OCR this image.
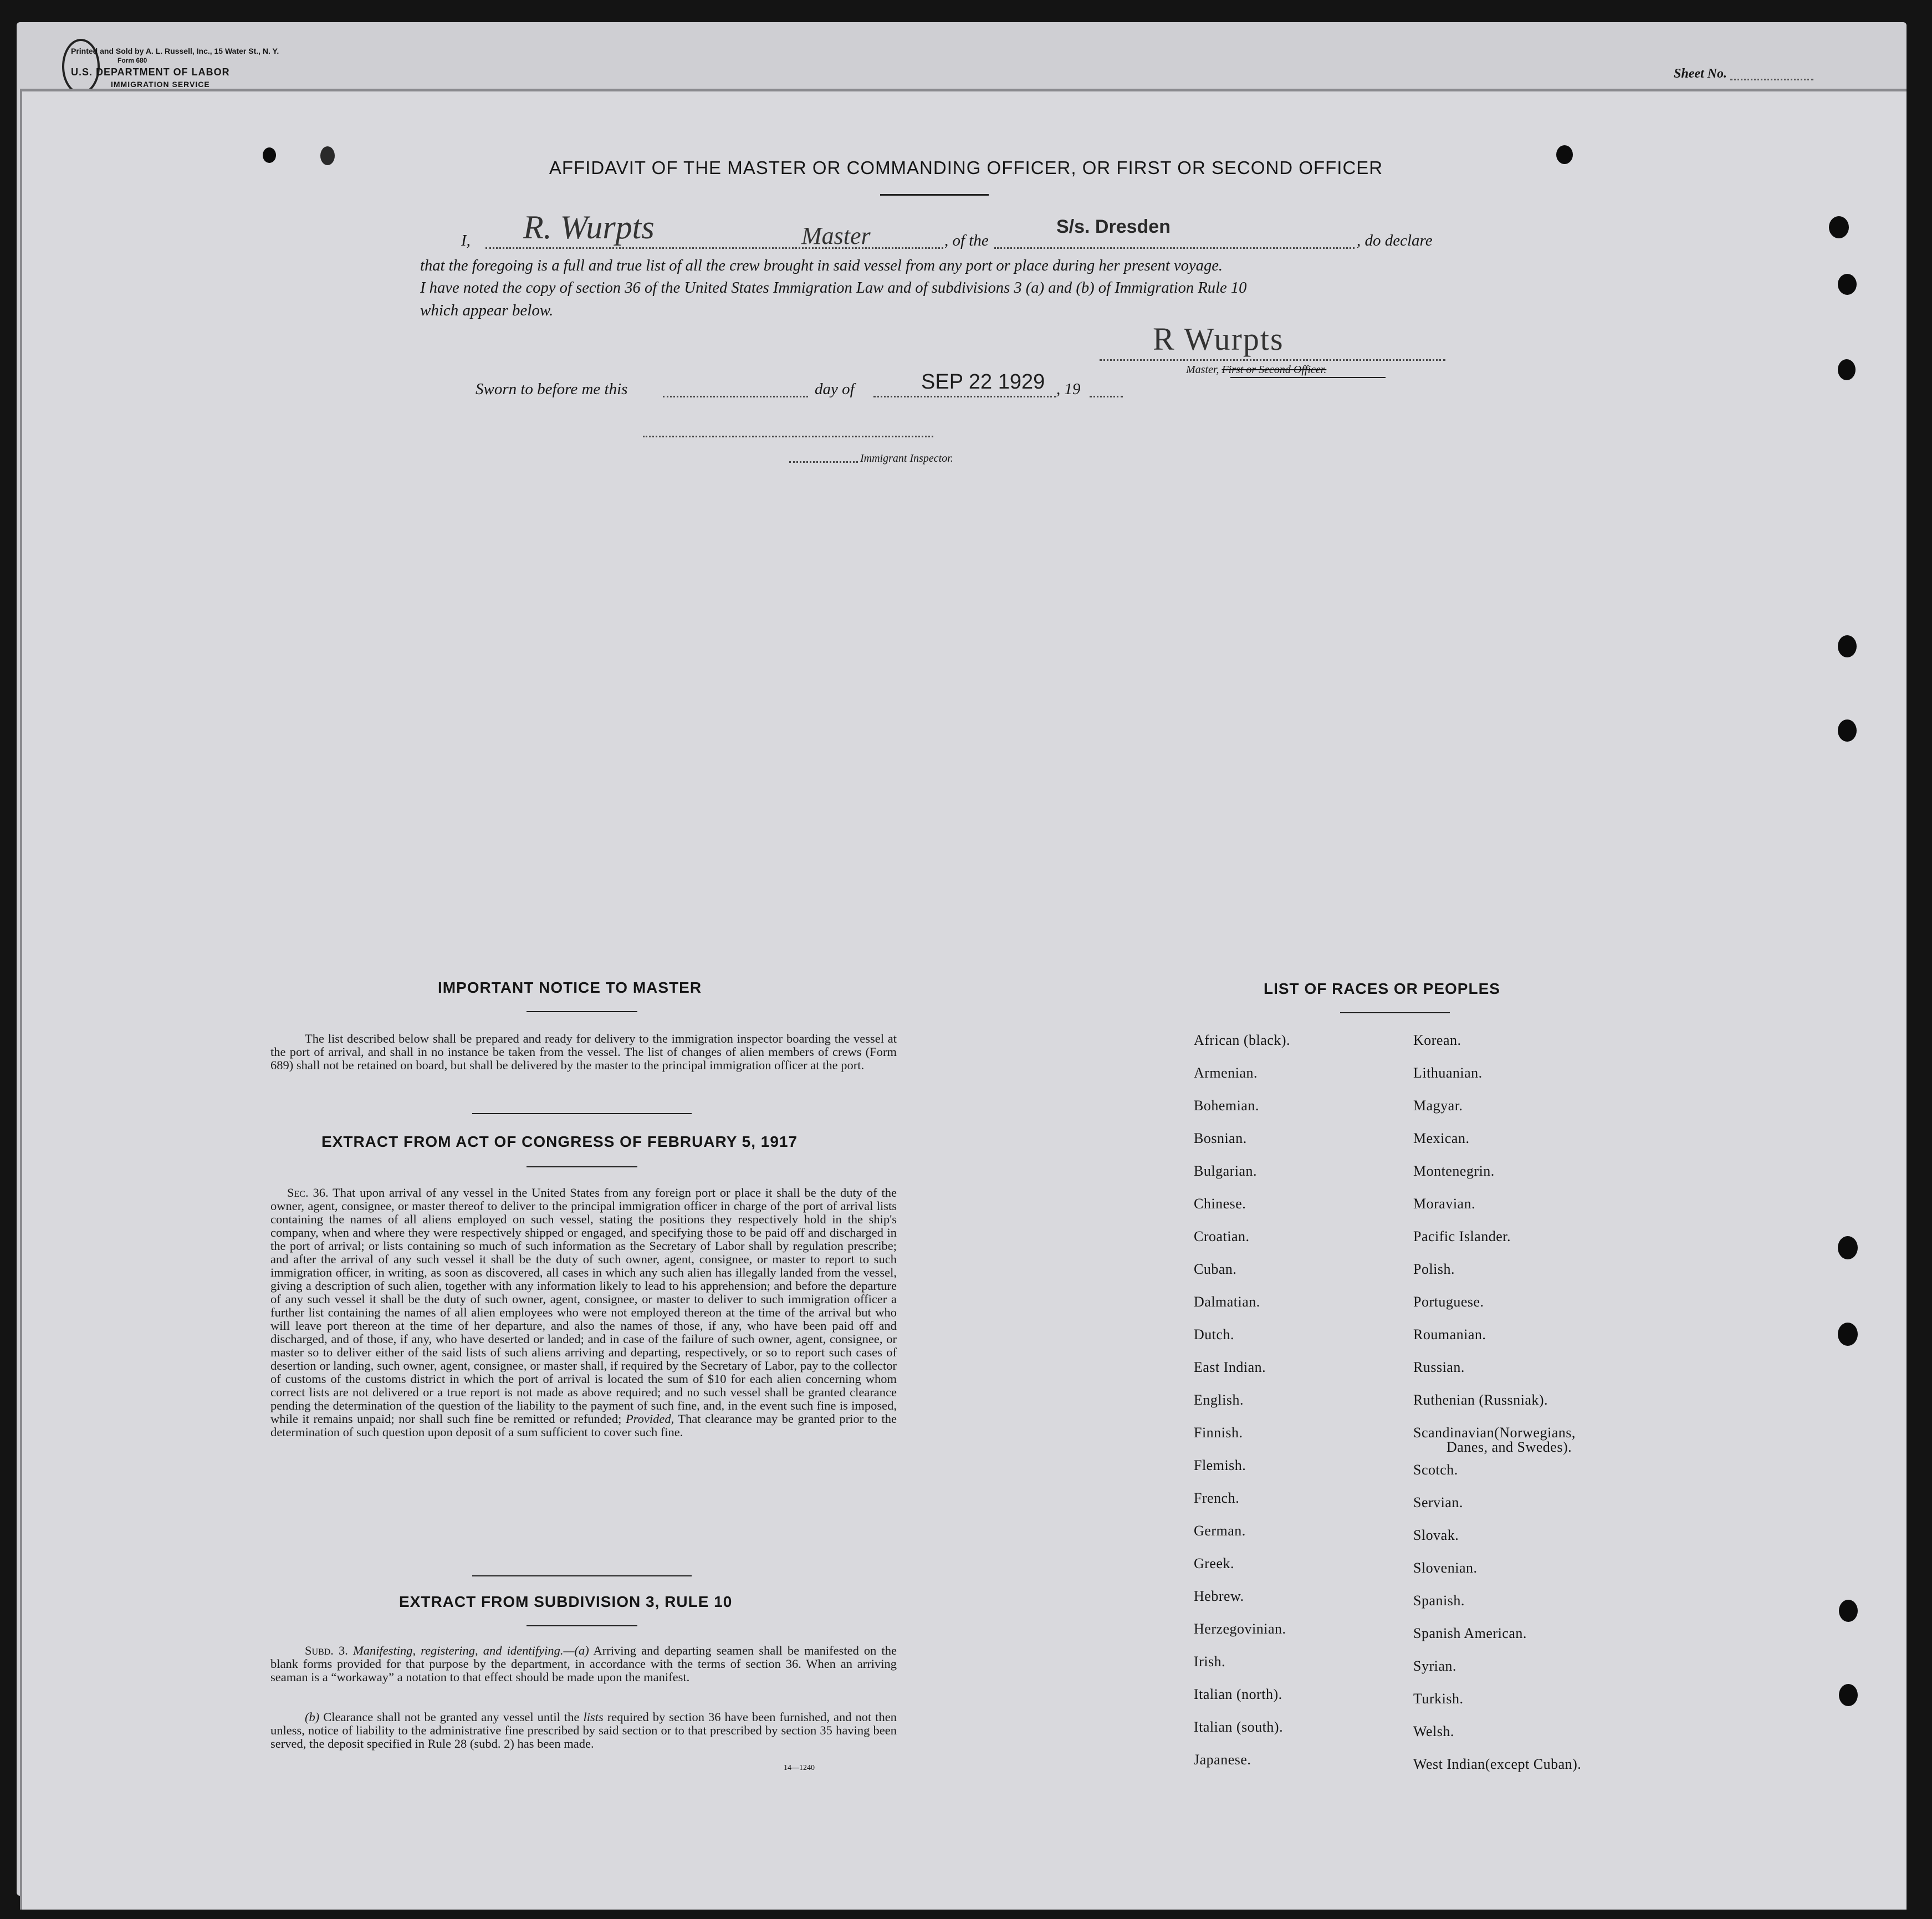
Printed and Sold by A. L. Russell, Inc., 15 Water St., N. Y.
Form 680
U.S. DEPARTMENT OF LABOR
IMMIGRATION SERVICE
Sheet No.
AFFIDAVIT OF THE MASTER OR COMMANDING OFFICER, OR FIRST OR SECOND OFFICER
I, R. Wurpts	Master	, of the
S/s. Dresden
, do declare
that the foregoing is a full and true list of all the crew brought in said vessel from any port or place during her present voyage.
I have noted the copy of section 36 of the United States Immigration Law and of subdivisions 3 (a) and (b) of Immigration Rule 10
which appear below.
R Wurpts
Master, First or Second Officer.
Sworn to before me this	day of	SEP 22 1929 , 19
Immigrant Inspector.
IMPORTANT NOTICE TO MASTER
The list described below shall be prepared and ready for delivery to the immigration inspector boarding the vessel at the port of arrival, and shall in no instance be taken from the vessel. The list of changes of alien members of crews (Form 689) shall not be retained on board, but shall be delivered by the master to the principal immigration officer at the port.
EXTRACT FROM ACT OF CONGRESS OF FEBRUARY 5, 1917
Sec. 36. That upon arrival of any vessel in the United States from any foreign port or place it shall be the duty of the owner, agent, consignee, or master thereof to deliver to the principal immigration officer in charge of the port of arrival lists containing the names of all aliens employed on such vessel, stating the positions they respectively hold in the ship's company, when and where they were respectively shipped or engaged, and specifying those to be paid off and discharged in the port of arrival; or lists containing so much of such information as the Secretary of Labor shall by regulation prescribe; and after the arrival of any such vessel it shall be the duty of such owner, agent, consignee, or master to report to such immigration officer, in writing, as soon as discovered, all cases in which any such alien has illegally landed from the vessel, giving a description of such alien, together with any information likely to lead to his apprehension; and before the departure of any such vessel it shall be the duty of such owner, agent, consignee, or master to deliver to such immigration officer a further list containing the names of all alien employees who were not employed thereon at the time of the arrival but who will leave port thereon at the time of her departure, and also the names of those, if any, who have been paid off and discharged, and of those, if any, who have deserted or landed; and in case of the failure of such owner, agent, consignee, or master so to deliver either of the said lists of such aliens arriving and departing, respectively, or so to report such cases of desertion or landing, such owner, agent, consignee, or master shall, if required by the Secretary of Labor, pay to the collector of customs of the customs district in which the port of arrival is located the sum of $10 for each alien concerning whom correct lists are not delivered or a true report is not made as above required; and no such vessel shall be granted clearance pending the determination of the question of the liability to the payment of such fine, and, in the event such fine is imposed, while it remains unpaid; nor shall such fine be remitted or refunded; Provided, That clearance may be granted prior to the determination of such question upon deposit of a sum sufficient to cover such fine.
EXTRACT FROM SUBDIVISION 3, RULE 10
Subd. 3. Manifesting, registering, and identifying.—(a) Arriving and departing seamen shall be manifested on the blank forms provided for that purpose by the department, in accordance with the terms of section 36. When an arriving seaman is a “workaway” a notation to that effect should be made upon the manifest.
(b) Clearance shall not be granted any vessel until the lists required by section 36 have been furnished, and not then unless, notice of liability to the administrative fine prescribed by said section or to that prescribed by section 35 having been served, the deposit specified in Rule 28 (subd. 2) has been made.
14—1240
LIST OF RACES OR PEOPLES
African (black).
Armenian.
Bohemian.
Bosnian.
Bulgarian.
Chinese.
Croatian.
Cuban.
Dalmatian.
Dutch.
East Indian.
English.
Finnish.
Flemish.
French.
German.
Greek.
Hebrew.
Herzegovinian.
Irish.
Italian (north).
Italian (south).
Japanese.
Korean.
Lithuanian.
Magyar.
Mexican.
Montenegrin.
Moravian.
Pacific Islander.
Polish.
Portuguese.
Roumanian.
Russian.
Ruthenian (Russniak).
Scandinavian(Norwegians,
Scotch.
Servian.
Slovak.
Slovenian.
Spanish.
Spanish American.
Syrian.
Turkish.
Welsh.
West Indian(except Cuban).
Danes, and Swedes).
